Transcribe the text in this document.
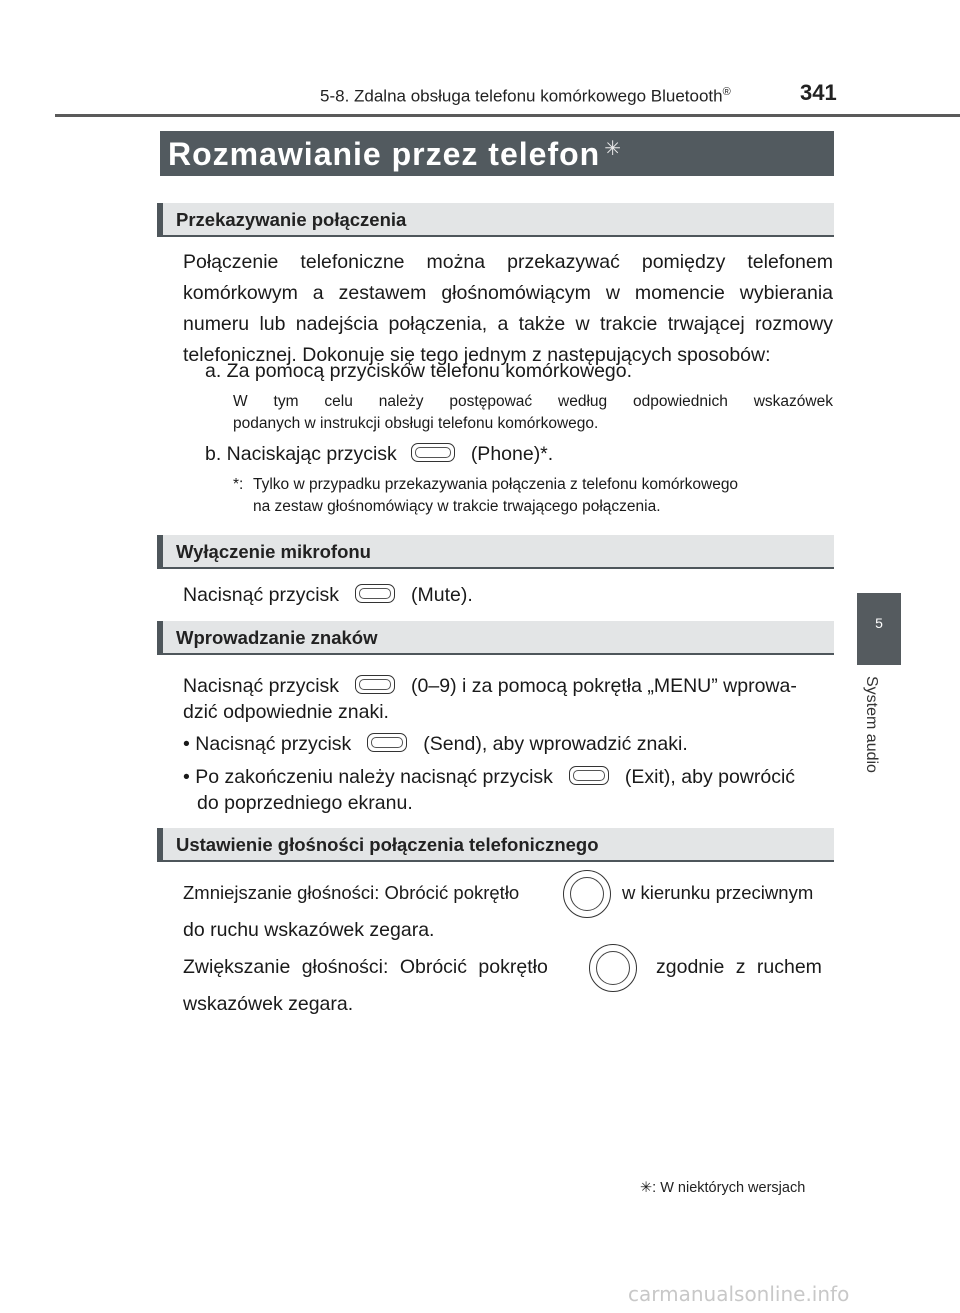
5-8. Zdalna obsługa telefonu komórkowego Bluetooth®	341
5
System audio
Rozmawianie przez telefon ✳
Przekazywanie połączenia
Połączenie telefoniczne można przekazywać pomiędzy telefonem
komórkowym a zestawem głośnomówiącym w momencie wybierania
numeru lub nadejścia połączenia, a także w trakcie trwającej rozmowy
telefonicznej. Dokonuje się tego jednym z następujących sposobów:
a. Za pomocą przycisków telefonu komórkowego.
W tym celu należy postępować według odpowiednich wskazówek
podanych w instrukcji obsługi telefonu komórkowego.
b. Naciskając przycisk	(Phone)*.
*: Tylko w przypadku przekazywania połączenia z telefonu komórkowego
na zestaw głośnomówiący w trakcie trwającego połączenia.
Wyłączenie mikrofonu
Nacisnąć przycisk	(Mute).
Wprowadzanie znaków
Nacisnąć przycisk	(0–9) i za pomocą pokrętła „MENU” wprowa-
dzić odpowiednie znaki.
• Nacisnąć przycisk	(Send), aby wprowadzić znaki.
• Po zakończeniu należy nacisnąć przycisk	(Exit), aby powrócić
do poprzedniego ekranu.
Ustawienie głośności połączenia telefonicznego
Zmniejszanie głośności: Obrócić pokrętło	w kierunku przeciwnym
do ruchu wskazówek zegara.
Zwiększanie głośności: Obrócić pokrętło	zgodnie z ruchem
wskazówek zegara.
✳: W niektórych wersjach
carmanualsonline.info
